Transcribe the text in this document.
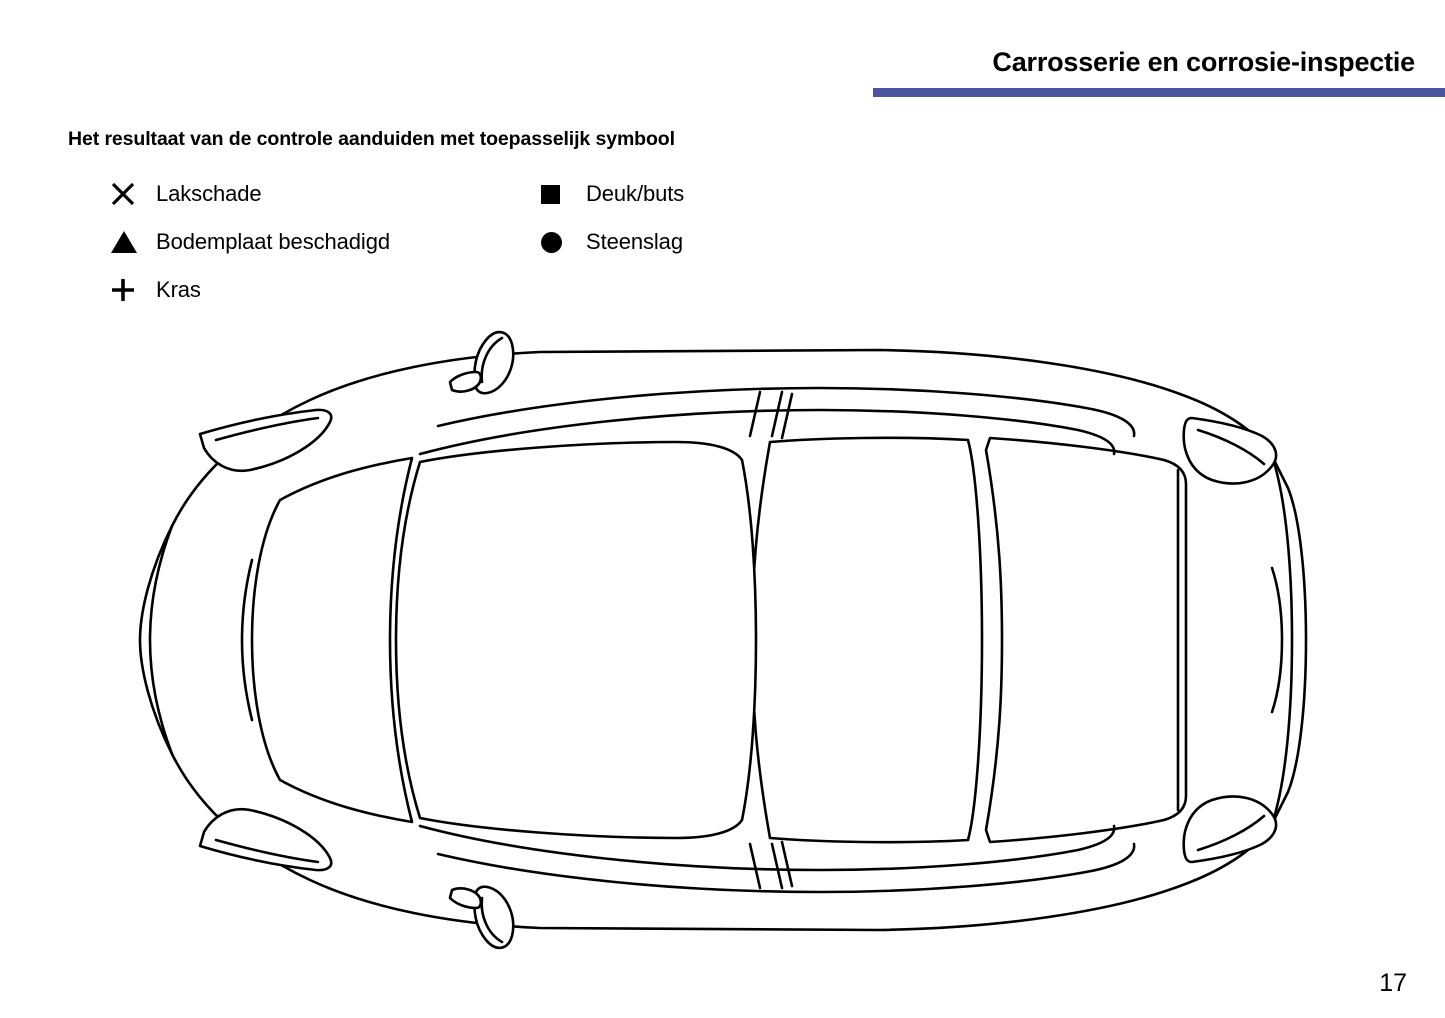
Carrosserie en corrosie-inspectie
Het resultaat van de controle aanduiden met toepasselijk symbool
Lakschade	Deuk/buts
Bodemplaat beschadigd	Steenslag
Kras
17
